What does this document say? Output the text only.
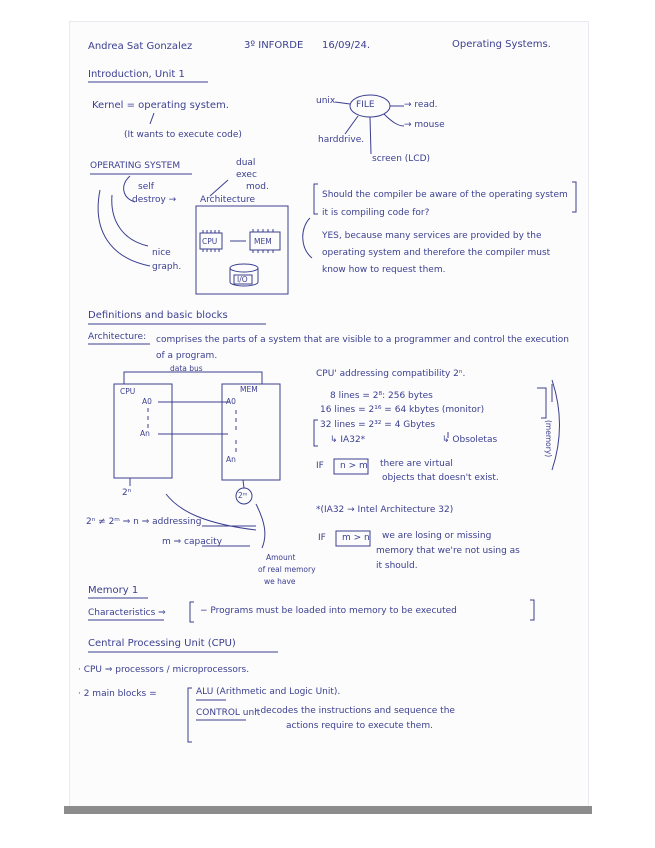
Andrea Sat Gonzalez	3º INFORDE 16/09/24.	Operating Systems.
Introduction, Unit 1
Kernel = operating system.
(It wants to execute code)
unix FILE	→ read.
→ mouse
harddrive.
screen (LCD)
OPERATING SYSTEM	dual
exec
mod.
self
destroy →	Architecture
nice
graph.
CPU	MEM
I/O
Should the compiler be aware of the operating system it is compiling code for?
YES, because many services are provided by the operating system and therefore the compiler must know how to request them.
Definitions and basic blocks
Architecture: comprises the parts of a system that are visible to a programmer and control the execution of a program.
data bus
CPU	MEM
A0
An
A0
An
2ⁿ	2ᵐ
2ⁿ ≠ 2ᵐ ⇒ n ⇒ addressing
m ⇒ capacity
Amount
of real memory
we have
CPU' addressing compatibility 2ⁿ.
8 lines = 2⁸: 256 bytes
16 lines = 2¹⁶ = 64 kbytes (monitor)
32 lines = 2³² = 4 Gbytes
↳ IA32*	↳ Obsoletas	(memory)
IF n > m there are virtual
objects that doesn't exist.
*(IA32 → Intel Architecture 32)
IF m > n we are losing or missing
memory that we're not using as
it should.
Memory 1
Characteristics ⇒	− Programs must be loaded into memory to be executed
Central Processing Unit (CPU)
· CPU ⇒ processors / microprocessors.
· 2 main blocks =	ALU (Arithmetic and Logic Unit).
CONTROL unit
› decodes the instructions and sequence the
actions require to execute them.
